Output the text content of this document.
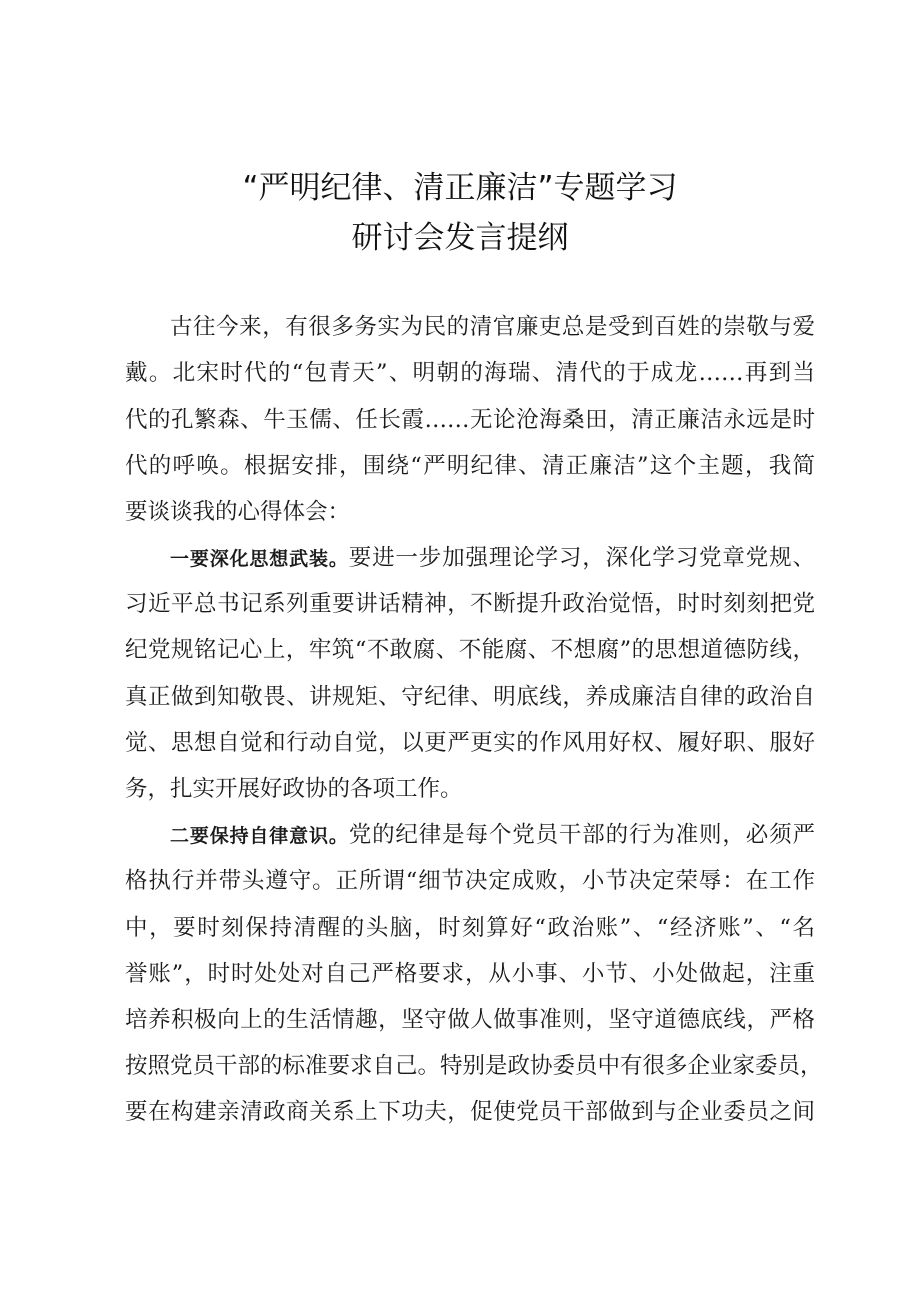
“严明纪律、清正廉洁”专题学习
研讨会发言提纲
古往今来，有很多务实为民的清官廉吏总是受到百姓的崇敬与爱
戴。北宋时代的“包青天”、明朝的海瑞、清代的于成龙……再到当
代的孔繁森、牛玉儒、任长霞……无论沧海桑田，清正廉洁永远是时
代的呼唤。根据安排，围绕“严明纪律、清正廉洁”这个主题，我简
要谈谈我的心得体会：
一要深化思想武装。要进一步加强理论学习，深化学习党章党规、
习近平总书记系列重要讲话精神，不断提升政治觉悟，时时刻刻把党
纪党规铭记心上，牢筑“不敢腐、不能腐、不想腐”的思想道德防线，
真正做到知敬畏、讲规矩、守纪律、明底线，养成廉洁自律的政治自
觉、思想自觉和行动自觉，以更严更实的作风用好权、履好职、服好
务，扎实开展好政协的各项工作。
二要保持自律意识。党的纪律是每个党员干部的行为准则，必须严
格执行并带头遵守。正所谓“细节决定成败，小节决定荣辱：在工作
中，要时刻保持清醒的头脑，时刻算好“政治账”、“经济账”、“名
誉账”，时时处处对自己严格要求，从小事、小节、小处做起，注重
培养积极向上的生活情趣，坚守做人做事准则，坚守道德底线，严格
按照党员干部的标准要求自己。特别是政协委员中有很多企业家委员，
要在构建亲清政商关系上下功夫，促使党员干部做到与企业委员之间
